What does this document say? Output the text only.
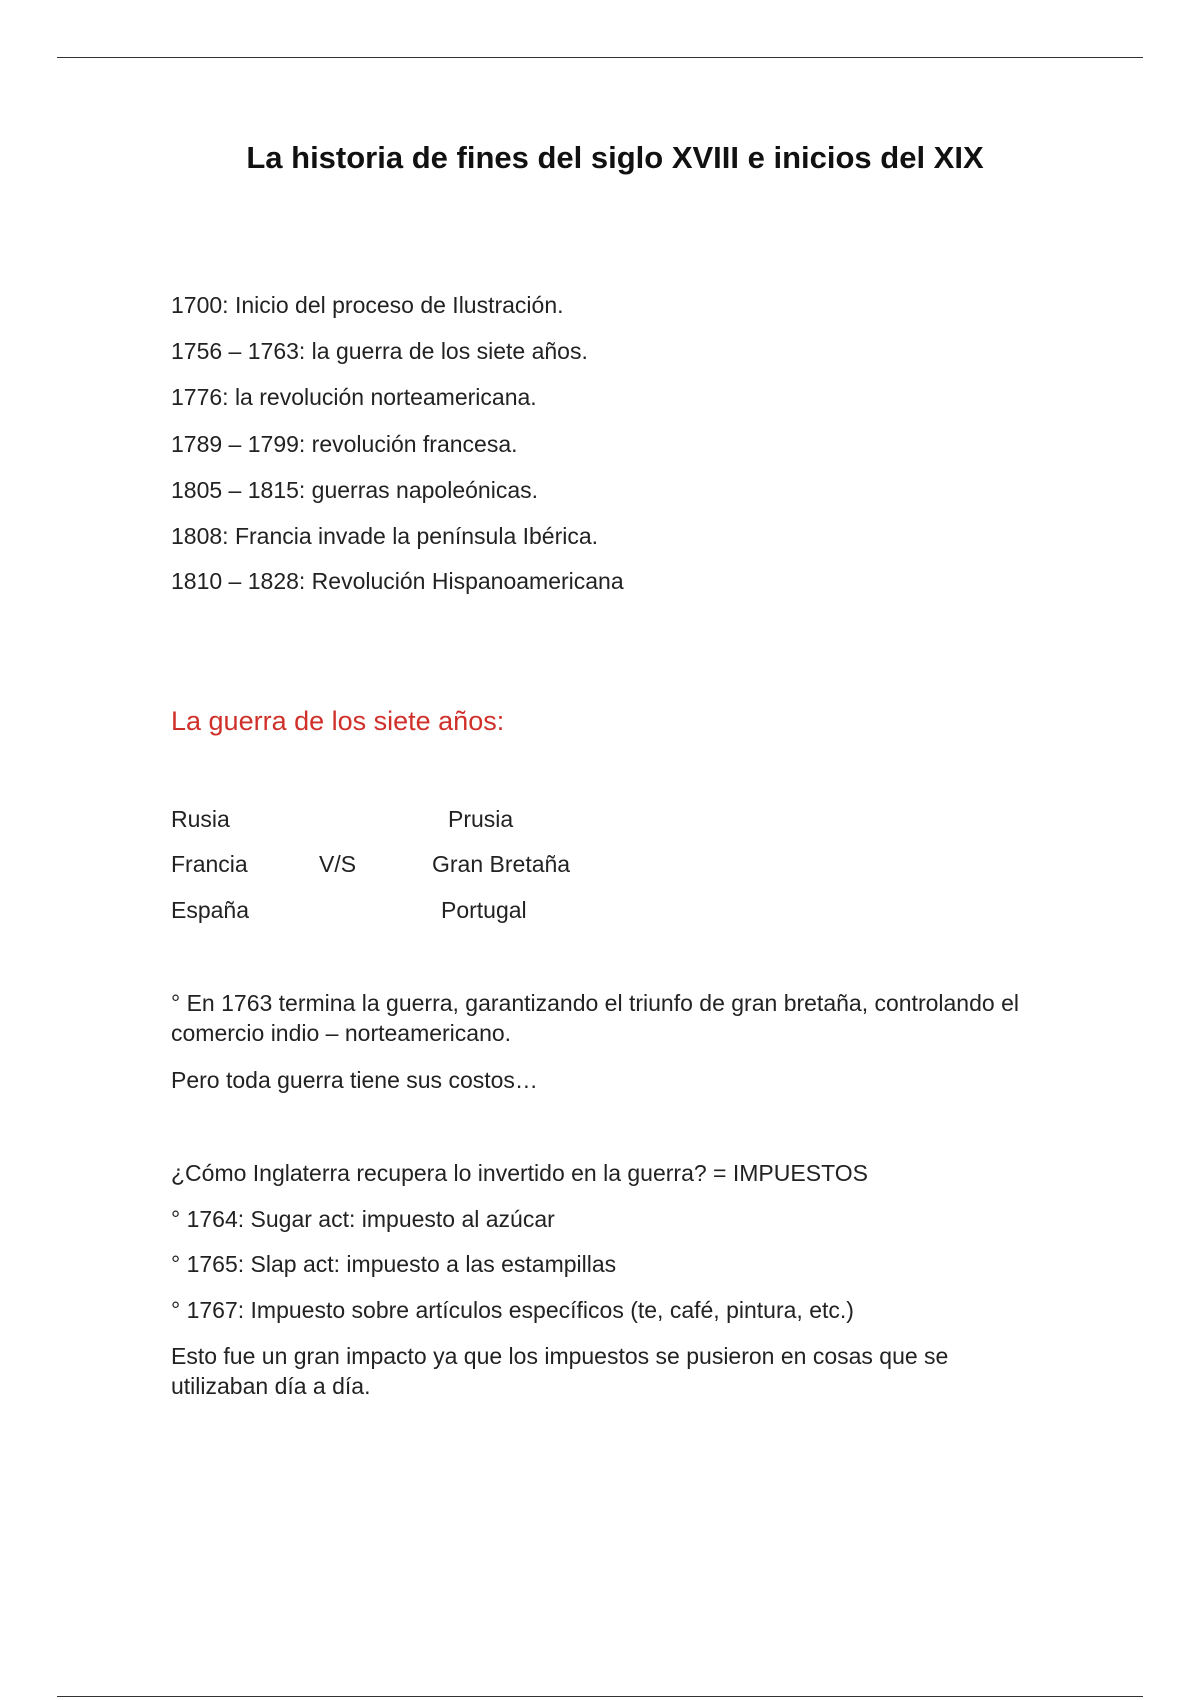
La historia de fines del siglo XVIII e inicios del XIX
1700: Inicio del proceso de Ilustración.
1756 – 1763: la guerra de los siete años.
1776: la revolución norteamericana.
1789 – 1799: revolución francesa.
1805 – 1815: guerras napoleónicas.
1808: Francia invade la península Ibérica.
1810 – 1828: Revolución Hispanoamericana
La guerra de los siete años:
Rusia
Francia
España
V/S
Prusia
Gran Bretaña
Portugal
° En 1763 termina la guerra, garantizando el triunfo de gran bretaña, controlando el comercio indio – norteamericano.
Pero toda guerra tiene sus costos…
¿Cómo Inglaterra recupera lo invertido en la guerra? = IMPUESTOS
° 1764: Sugar act: impuesto al azúcar
° 1765: Slap act: impuesto a las estampillas
° 1767: Impuesto sobre artículos específicos (te, café, pintura, etc.)
Esto fue un gran impacto ya que los impuestos se pusieron en cosas que se utilizaban día a día.
